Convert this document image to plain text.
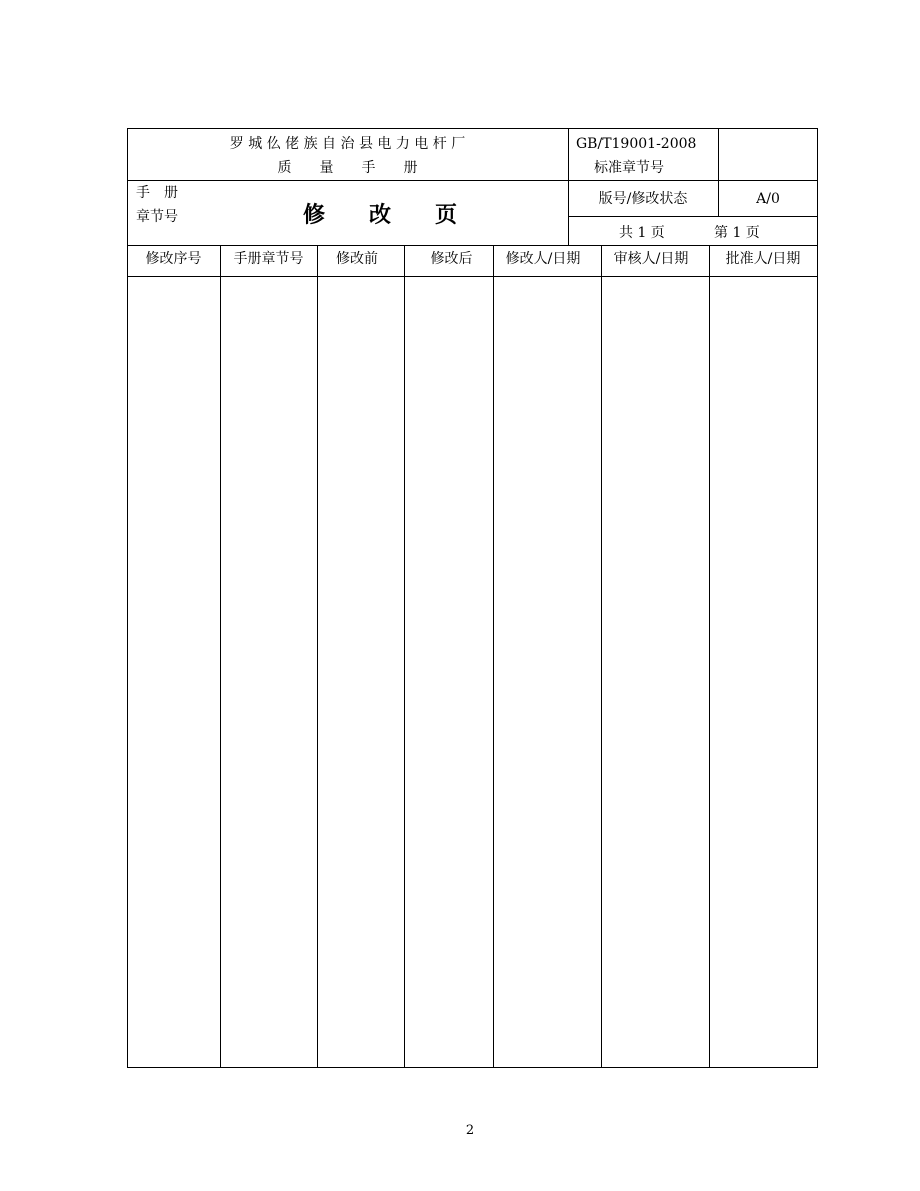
罗 城 仫 佬 族 自 治 县 电 力 电 杆 厂
质　　量　　手　　册
GB/T19001-2008
标准章节号
手　册
章节号	修　　改　　页
版号/修改状态	A/0
共 1 页	第 1 页
修改序号	手册章节号	修改前	修改后	修改人/日期	审核人/日期	批准人/日期
2
